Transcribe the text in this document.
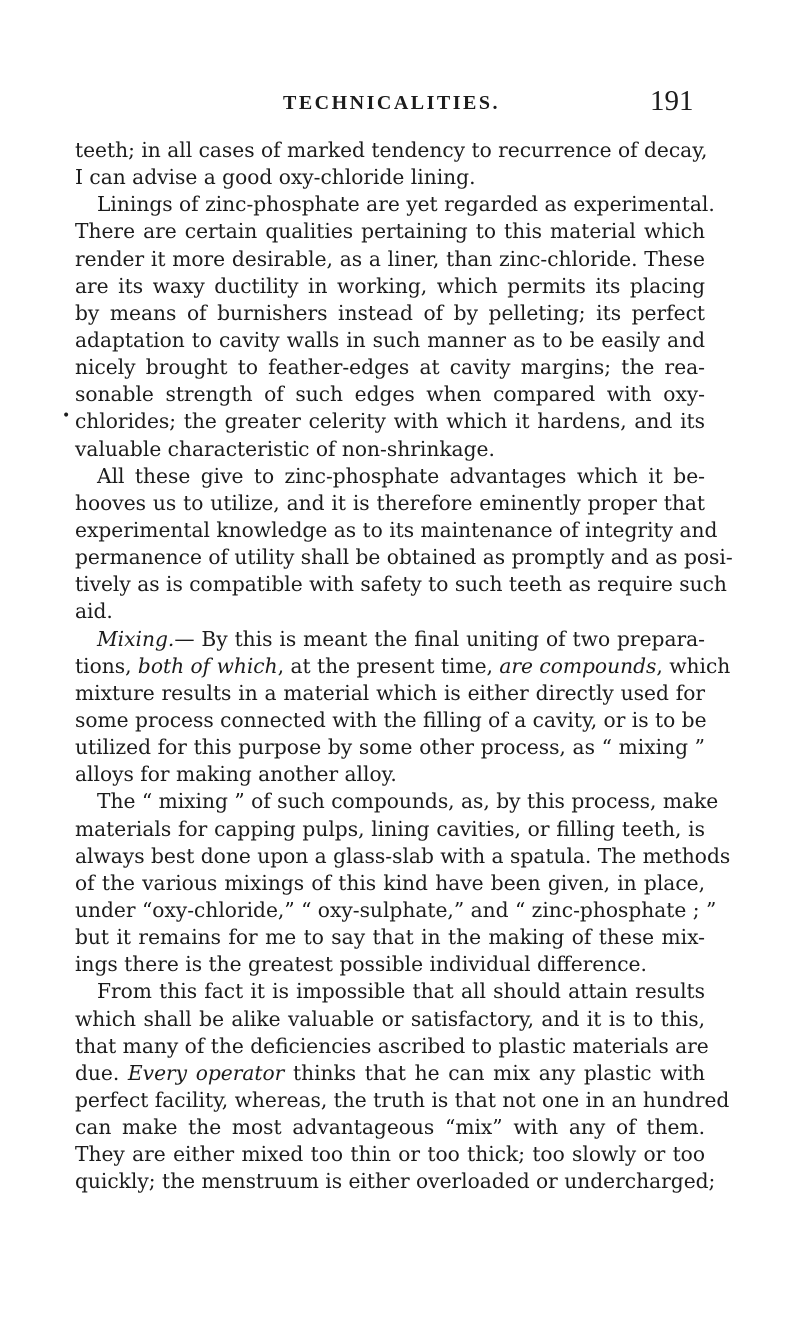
TECHNICALITIES.	191
•
teeth; in all cases of marked tendency to recurrence of decay,
I can advise a good oxy-chloride lining.
Linings of zinc-phosphate are yet regarded as experimental.
There are certain qualities pertaining to this material which
render it more desirable, as a liner, than zinc-chloride. These
are its waxy ductility in working, which permits its placing
by means of burnishers instead of by pelleting; its perfect
adaptation to cavity walls in such manner as to be easily and
nicely brought to feather-edges at cavity margins; the rea-
sonable strength of such edges when compared with oxy-
chlorides; the greater celerity with which it hardens, and its
valuable characteristic of non-shrinkage.
All these give to zinc-phosphate advantages which it be-
hooves us to utilize, and it is therefore eminently proper that
experimental knowledge as to its maintenance of integrity and
permanence of utility shall be obtained as promptly and as posi-
tively as is compatible with safety to such teeth as require such
aid.
Mixing.— By this is meant the final uniting of two prepara-
tions, both of which, at the present time, are compounds, which
mixture results in a material which is either directly used for
some process connected with the filling of a cavity, or is to be
utilized for this purpose by some other process, as “ mixing ”
alloys for making another alloy.
The “ mixing ” of such compounds, as, by this process, make
materials for capping pulps, lining cavities, or filling teeth, is
always best done upon a glass-slab with a spatula. The methods
of the various mixings of this kind have been given, in place,
under “oxy-chloride,” “ oxy-sulphate,” and “ zinc-phosphate ; ”
but it remains for me to say that in the making of these mix-
ings there is the greatest possible individual difference.
From this fact it is impossible that all should attain results
which shall be alike valuable or satisfactory, and it is to this,
that many of the deficiencies ascribed to plastic materials are
due. Every operator thinks that he can mix any plastic with
perfect facility, whereas, the truth is that not one in an hundred
can make the most advantageous “mix” with any of them.
They are either mixed too thin or too thick; too slowly or too
quickly; the menstruum is either overloaded or undercharged;
